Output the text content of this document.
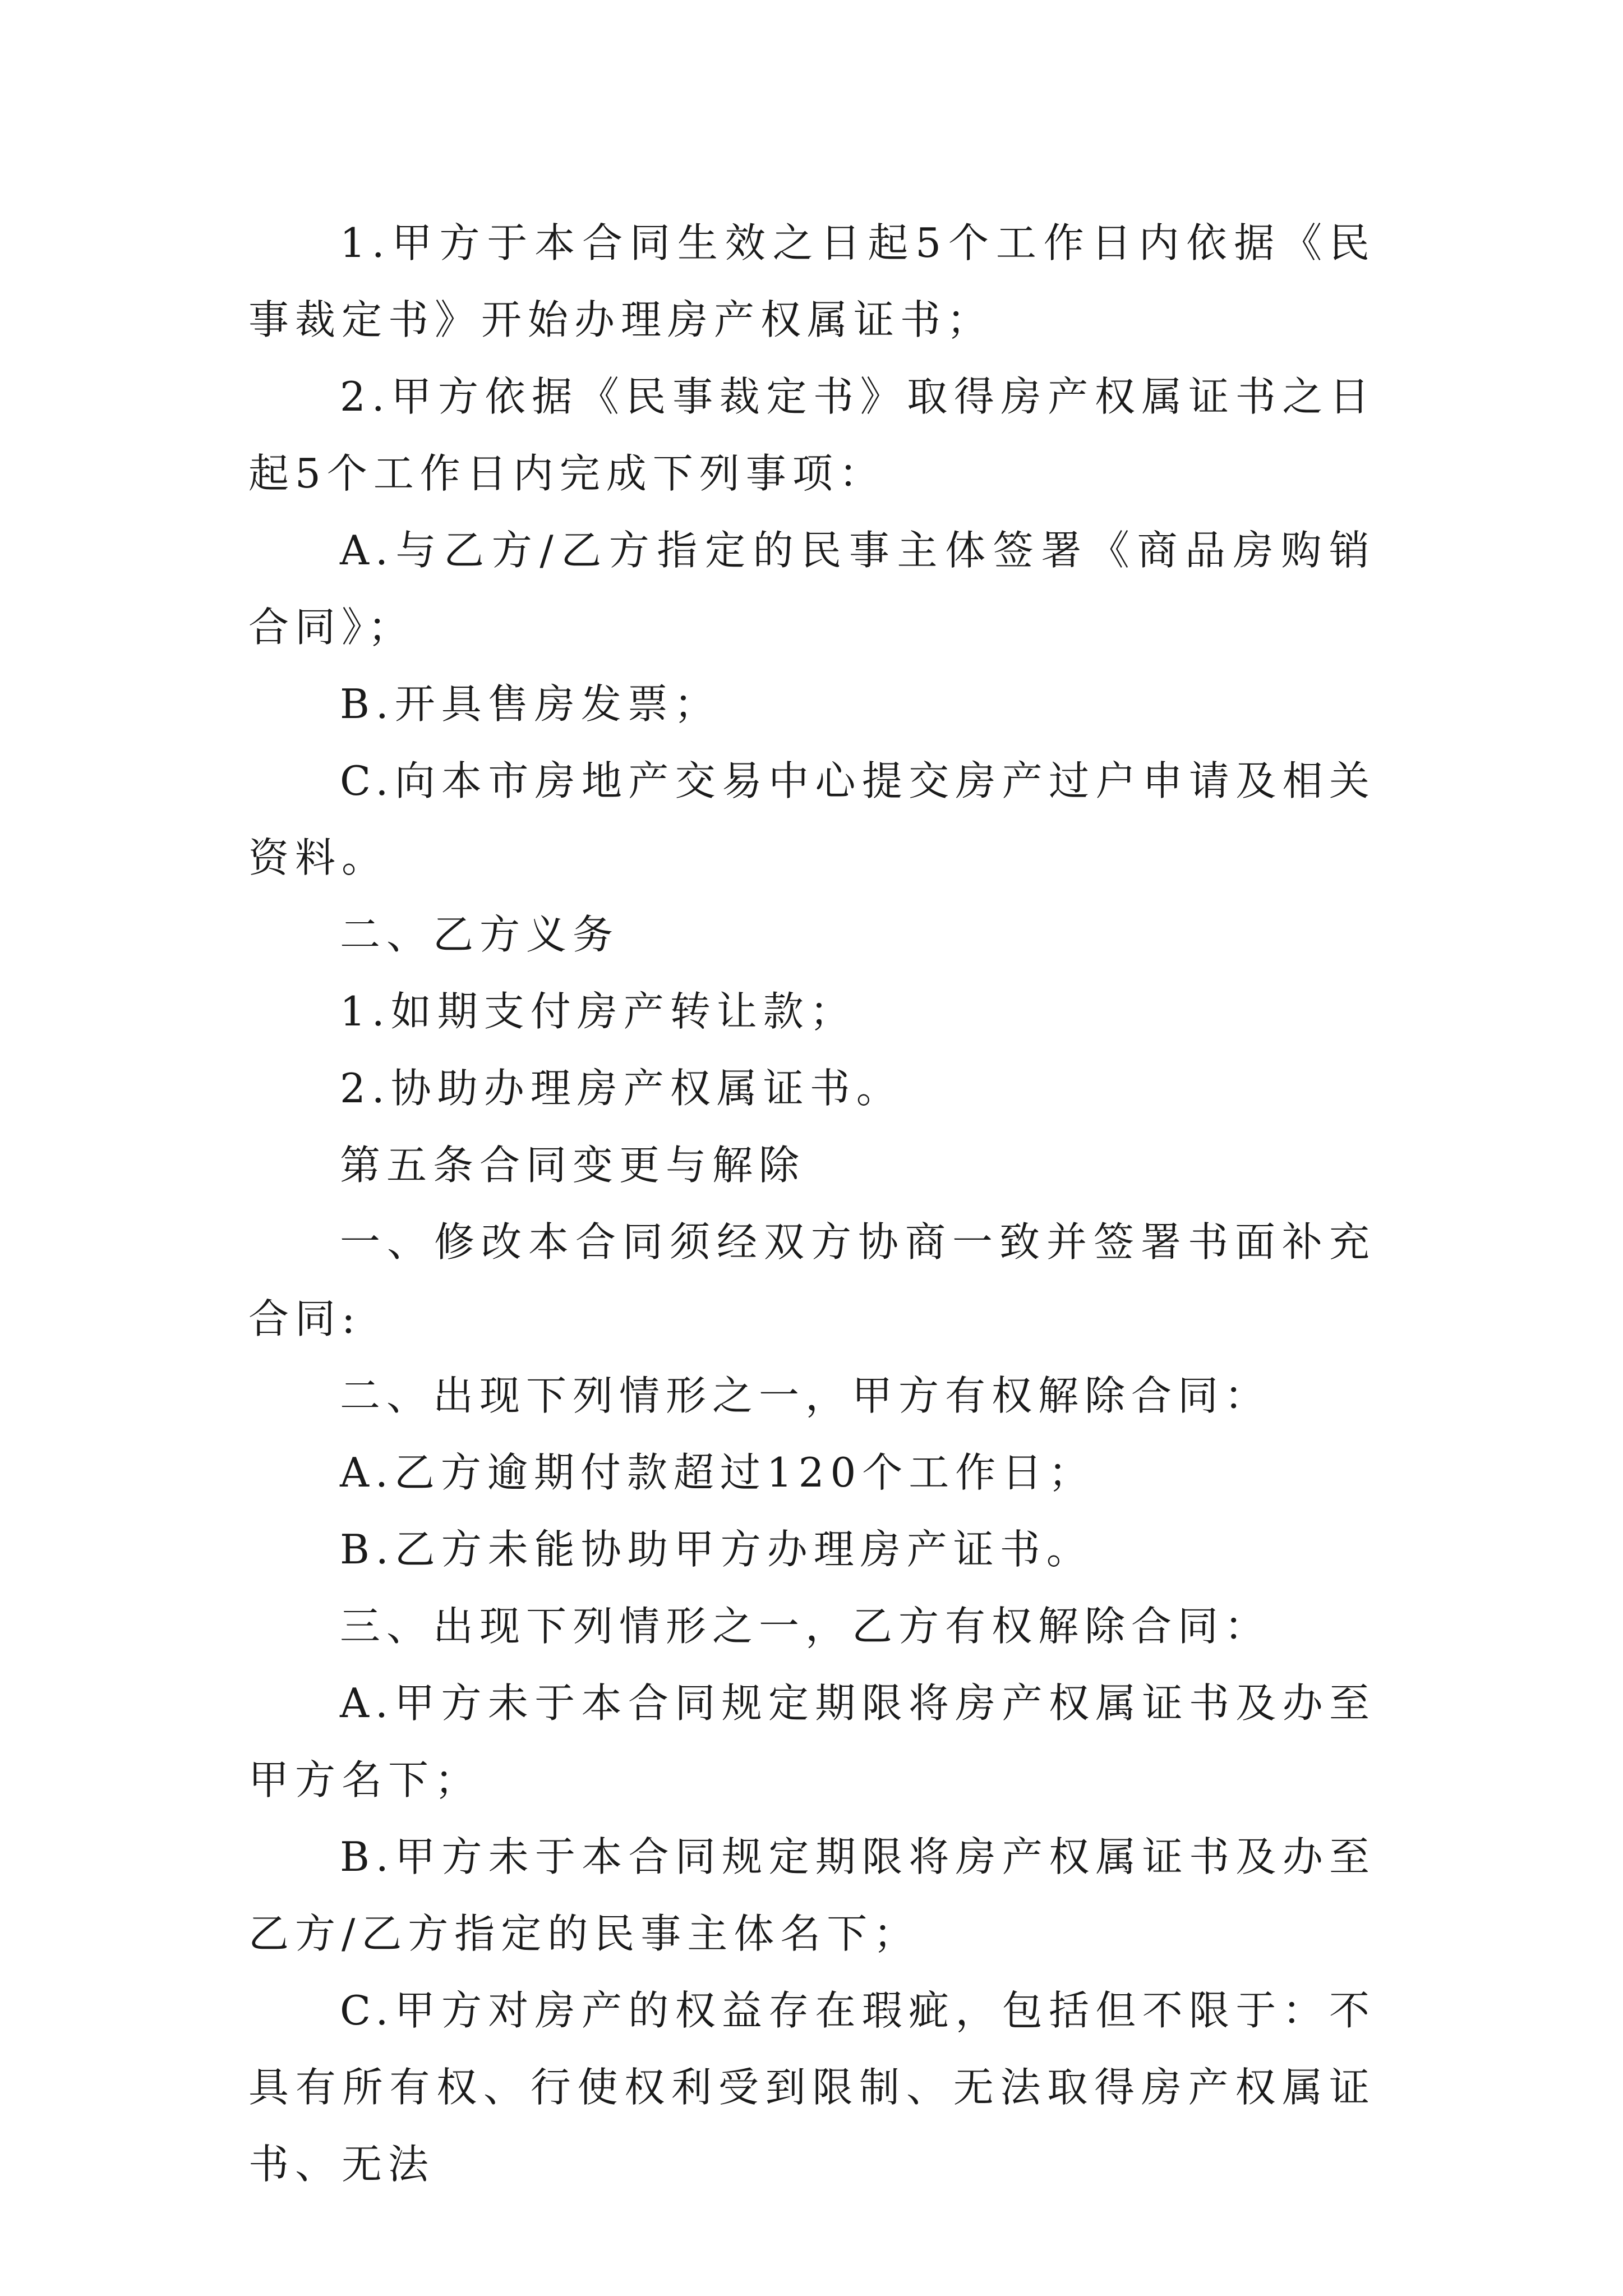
1.甲方于本合同生效之日起5个工作日内依据《民事裁定书》开始办理房产权属证书；

2.甲方依据《民事裁定书》取得房产权属证书之日起5个工作日内完成下列事项：

A.与乙方/乙方指定的民事主体签署《商品房购销合同》；

B.开具售房发票；

C.向本市房地产交易中心提交房产过户申请及相关资料。

二、乙方义务

1.如期支付房产转让款；

2.协助办理房产权属证书。

第五条合同变更与解除

一、修改本合同须经双方协商一致并签署书面补充合同:

二、出现下列情形之一，甲方有权解除合同：

A.乙方逾期付款超过120个工作日；

B.乙方未能协助甲方办理房产证书。

三、出现下列情形之一，乙方有权解除合同：

A.甲方未于本合同规定期限将房产权属证书及办至甲方名下；

B.甲方未于本合同规定期限将房产权属证书及办至乙方/乙方指定的民事主体名下；

C.甲方对房产的权益存在瑕疵，包括但不限于：不具有所有权、行使权利受到限制、无法取得房产权属证书、无法
